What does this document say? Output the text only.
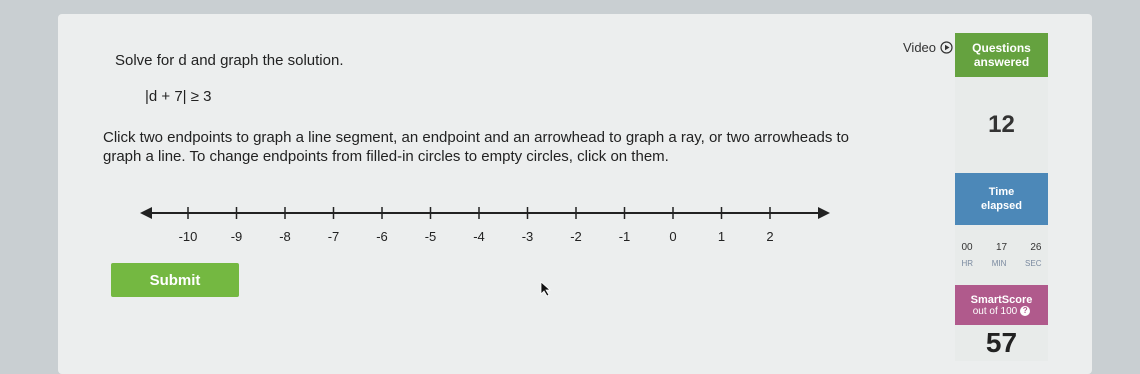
Solve for d and graph the solution.
|d + 7| ≥ 3
Click two endpoints to graph a line segment, an endpoint and an arrowhead to graph a ray, or two arrowheads to graph a line. To change endpoints from filled-in circles to empty circles, click on them.
-10	-9	-8	-7	-6	-5	-4	-3	-2	-1	0	1	2
Submit
Video	Questions answered
12
Time elapsed
00 17 26
HR MIN SEC
SmartScore
out of 100 ?
57
